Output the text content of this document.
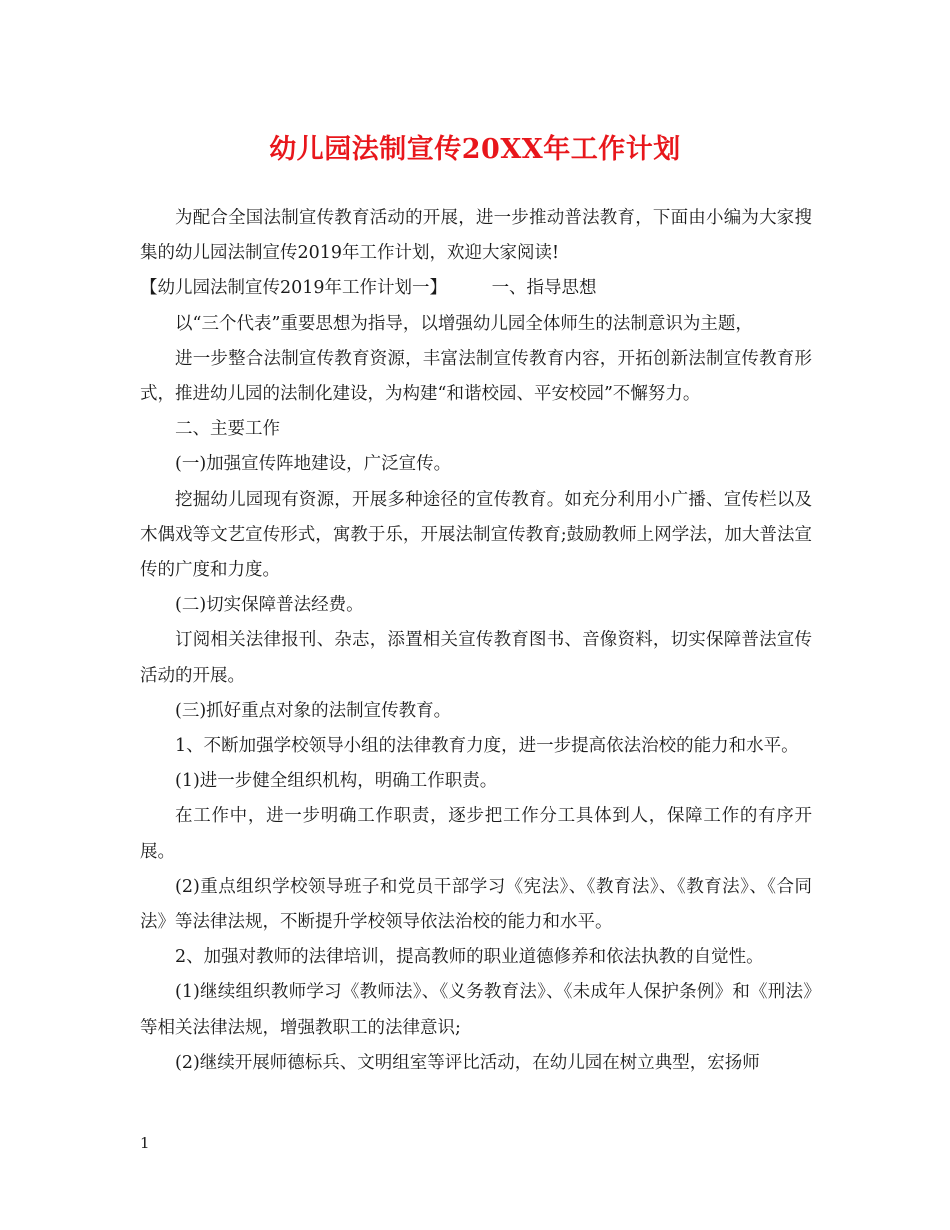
幼儿园法制宣传20XX年工作计划

为配合全国法制宣传教育活动的开展，进一步推动普法教育，下面由小编为大家搜集的幼儿园法制宣传2019年工作计划，欢迎大家阅读!

【幼儿园法制宣传2019年工作计划一】	一、指导思想

以“三个代表”重要思想为指导，以增强幼儿园全体师生的法制意识为主题，

进一步整合法制宣传教育资源，丰富法制宣传教育内容，开拓创新法制宣传教育形式，推进幼儿园的法制化建设，为构建“和谐校园、平安校园”不懈努力。

二、主要工作

(一)加强宣传阵地建设，广泛宣传。

挖掘幼儿园现有资源，开展多种途径的宣传教育。如充分利用小广播、宣传栏以及木偶戏等文艺宣传形式，寓教于乐，开展法制宣传教育;鼓励教师上网学法，加大普法宣传的广度和力度。

(二)切实保障普法经费。

订阅相关法律报刊、杂志，添置相关宣传教育图书、音像资料，切实保障普法宣传活动的开展。

(三)抓好重点对象的法制宣传教育。

1、不断加强学校领导小组的法律教育力度，进一步提高依法治校的能力和水平。

(1)进一步健全组织机构，明确工作职责。

在工作中，进一步明确工作职责，逐步把工作分工具体到人，保障工作的有序开展。

(2)重点组织学校领导班子和党员干部学习《宪法》、《教育法》、《教育法》、《合同法》等法律法规，不断提升学校领导依法治校的能力和水平。

2、加强对教师的法律培训，提高教师的职业道德修养和依法执教的自觉性。

(1)继续组织教师学习《教师法》、《义务教育法》、《未成年人保护条例》和《刑法》等相关法律法规，增强教职工的法律意识;

(2)继续开展师德标兵、文明组室等评比活动，在幼儿园在树立典型，宏扬师

1
